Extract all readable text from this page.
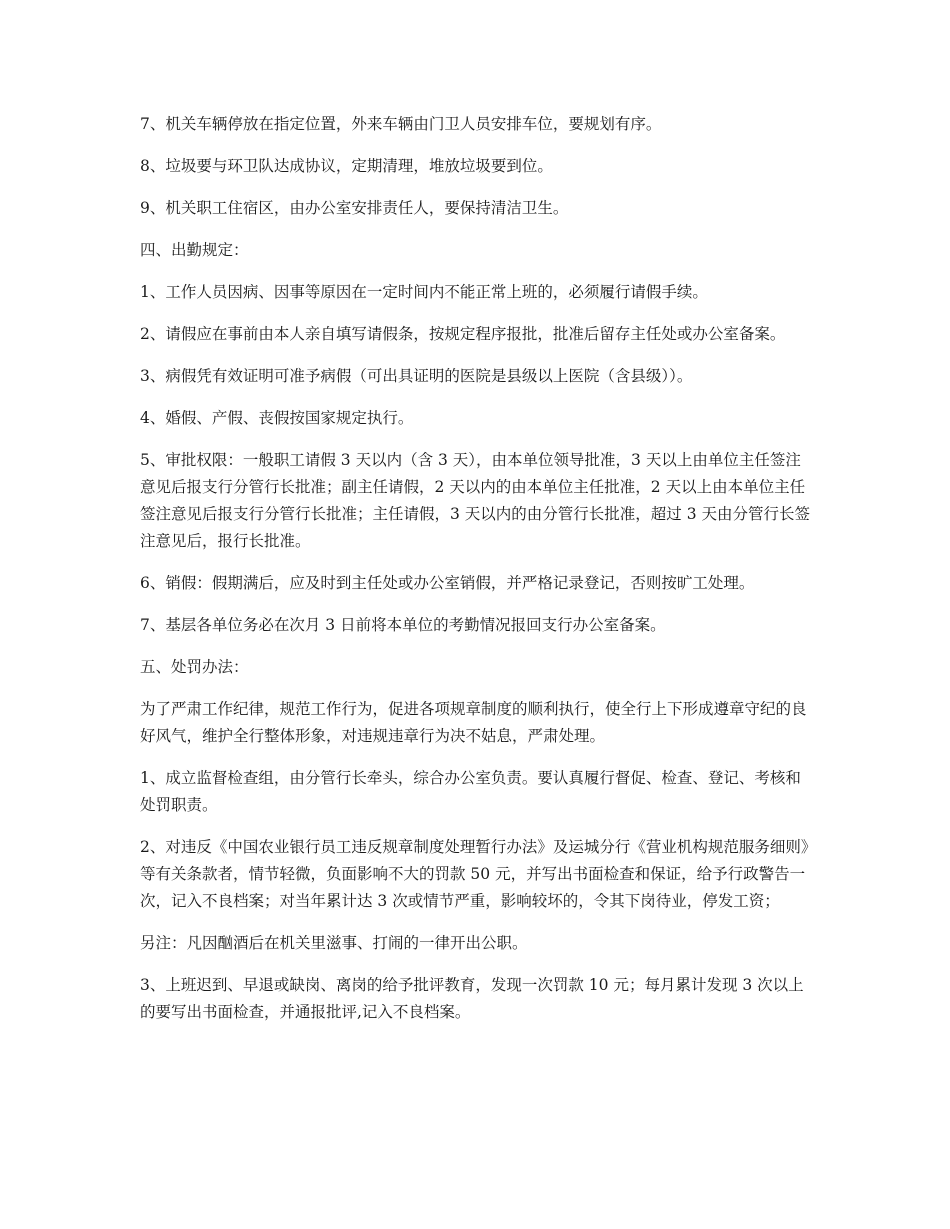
7、机关车辆停放在指定位置，外来车辆由门卫人员安排车位，要规划有序。

8、垃圾要与环卫队达成协议，定期清理，堆放垃圾要到位。

9、机关职工住宿区，由办公室安排责任人，要保持清洁卫生。

四、出勤规定：

1、工作人员因病、因事等原因在一定时间内不能正常上班的，必须履行请假手续。

2、请假应在事前由本人亲自填写请假条，按规定程序报批，批准后留存主任处或办公室备案。

3、病假凭有效证明可准予病假（可出具证明的医院是县级以上医院（含县级））。

4、婚假、产假、丧假按国家规定执行。

5、审批权限：一般职工请假 3 天以内（含 3 天），由本单位领导批准，3 天以上由单位主任签注意见后报支行分管行长批准；副主任请假，2 天以内的由本单位主任批准，2 天以上由本单位主任签注意见后报支行分管行长批准；主任请假，3 天以内的由分管行长批准，超过 3 天由分管行长签注意见后，报行长批准。

6、销假：假期满后，应及时到主任处或办公室销假，并严格记录登记，否则按旷工处理。

7、基层各单位务必在次月 3 日前将本单位的考勤情况报回支行办公室备案。

五、处罚办法：

为了严肃工作纪律，规范工作行为，促进各项规章制度的顺利执行，使全行上下形成遵章守纪的良好风气，维护全行整体形象，对违规违章行为决不姑息，严肃处理。

1、成立监督检查组，由分管行长牵头，综合办公室负责。要认真履行督促、检查、登记、考核和处罚职责。

2、对违反《中国农业银行员工违反规章制度处理暂行办法》及运城分行《营业机构规范服务细则》等有关条款者，情节轻微，负面影响不大的罚款 50 元，并写出书面检查和保证，给予行政警告一次，记入不良档案；对当年累计达 3 次或情节严重，影响较坏的，令其下岗待业，停发工资；

另注：凡因酗酒后在机关里滋事、打闹的一律开出公职。

3、上班迟到、早退或缺岗、离岗的给予批评教育，发现一次罚款 10 元；每月累计发现 3 次以上的要写出书面检查，并通报批评,记入不良档案。
